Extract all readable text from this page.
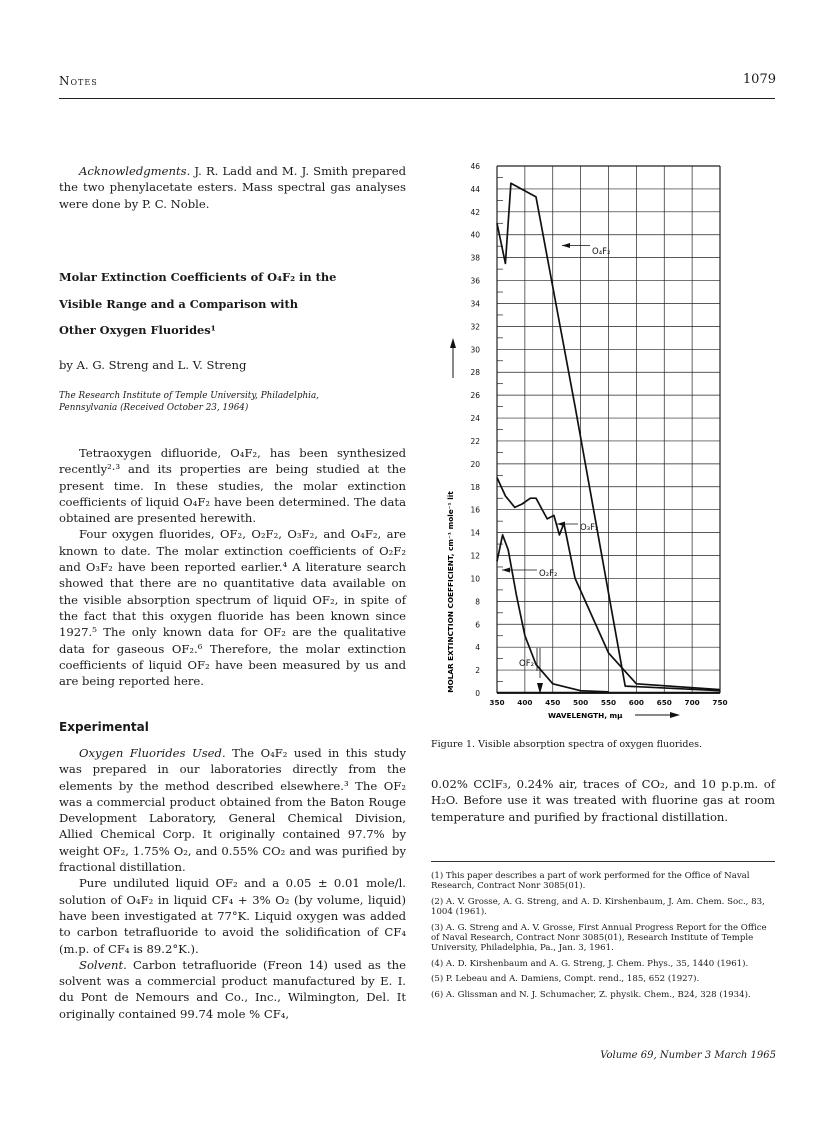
Notes	1079

Acknowledgments. J. R. Ladd and M. J. Smith prepared the two phenylacetate esters. Mass spectral gas analyses were done by P. C. Noble.

Molar Extinction Coefficients of O₄F₂ in the
Visible Range and a Comparison with
Other Oxygen Fluorides¹
by A. G. Streng and L. V. Streng
The Research Institute of Temple University, Philadelphia,
Pennsylvania (Received October 23, 1964)

Tetraoxygen difluoride, O₄F₂, has been synthesized recently²·³ and its properties are being studied at the present time. In these studies, the molar extinction coefficients of liquid O₄F₂ have been determined. The data obtained are presented herewith.

Four oxygen fluorides, OF₂, O₂F₂, O₃F₂, and O₄F₂, are known to date. The molar extinction coefficients of O₂F₂ and O₃F₂ have been reported earlier.⁴ A literature search showed that there are no quantitative data available on the visible absorption spectrum of liquid OF₂, in spite of the fact that this oxygen fluoride has been known since 1927.⁵ The only known data for OF₂ are the qualitative data for gaseous OF₂.⁶ Therefore, the molar extinction coefficients of liquid OF₂ have been measured by us and are being reported here.

Experimental

Oxygen Fluorides Used. The O₄F₂ used in this study was prepared in our laboratories directly from the elements by the method described elsewhere.³ The OF₂ was a commercial product obtained from the Baton Rouge Development Laboratory, General Chemical Division, Allied Chemical Corp. It originally contained 97.7% by weight OF₂, 1.75% O₂, and 0.55% CO₂ and was purified by fractional distillation.

Pure undiluted liquid OF₂ and a 0.05 ± 0.01 mole/l. solution of O₄F₂ in liquid CF₄ + 3% O₂ (by volume, liquid) have been investigated at 77°K. Liquid oxygen was added to carbon tetrafluoride to avoid the solidification of CF₄ (m.p. of CF₄ is 89.2°K.).

Solvent. Carbon tetrafluoride (Freon 14) used as the solvent was a commercial product manufactured by E. I. du Pont de Nemours and Co., Inc., Wilmington, Del. It originally contained 99.74 mole % CF₄,

0
2
4
6
8
10
12
14
16
18
20
22
24
26
28
30
32
34
36
38
40
42
44
46
350 400 450 500 550 600 650 700 750
MOLAR EXTINCTION COEFFICIENT, cm⁻¹ mole⁻¹ lit
WAVELENGTH, mμ
O₄F₂
O₃F₂
O₂F₂
OF₂
Figure 1. Visible absorption spectra of oxygen fluorides.

0.02% CClF₃, 0.24% air, traces of CO₂, and 10 p.p.m. of H₂O. Before use it was treated with fluorine gas at room temperature and purified by fractional distillation.

(1) This paper describes a part of work performed for the Office of Naval Research, Contract Nonr 3085(01).
(2) A. V. Grosse, A. G. Streng, and A. D. Kirshenbaum, J. Am. Chem. Soc., 83, 1004 (1961).
(3) A. G. Streng and A. V. Grosse, First Annual Progress Report for the Office of Naval Research, Contract Nonr 3085(01), Research Institute of Temple University, Philadelphia, Pa., Jan. 3, 1961.
(4) A. D. Kirshenbaum and A. G. Streng, J. Chem. Phys., 35, 1440 (1961).
(5) P. Lebeau and A. Damiens, Compt. rend., 185, 652 (1927).
(6) A. Glissman and N. J. Schumacher, Z. physik. Chem., B24, 328 (1934).
Volume 69, Number 3 March 1965
